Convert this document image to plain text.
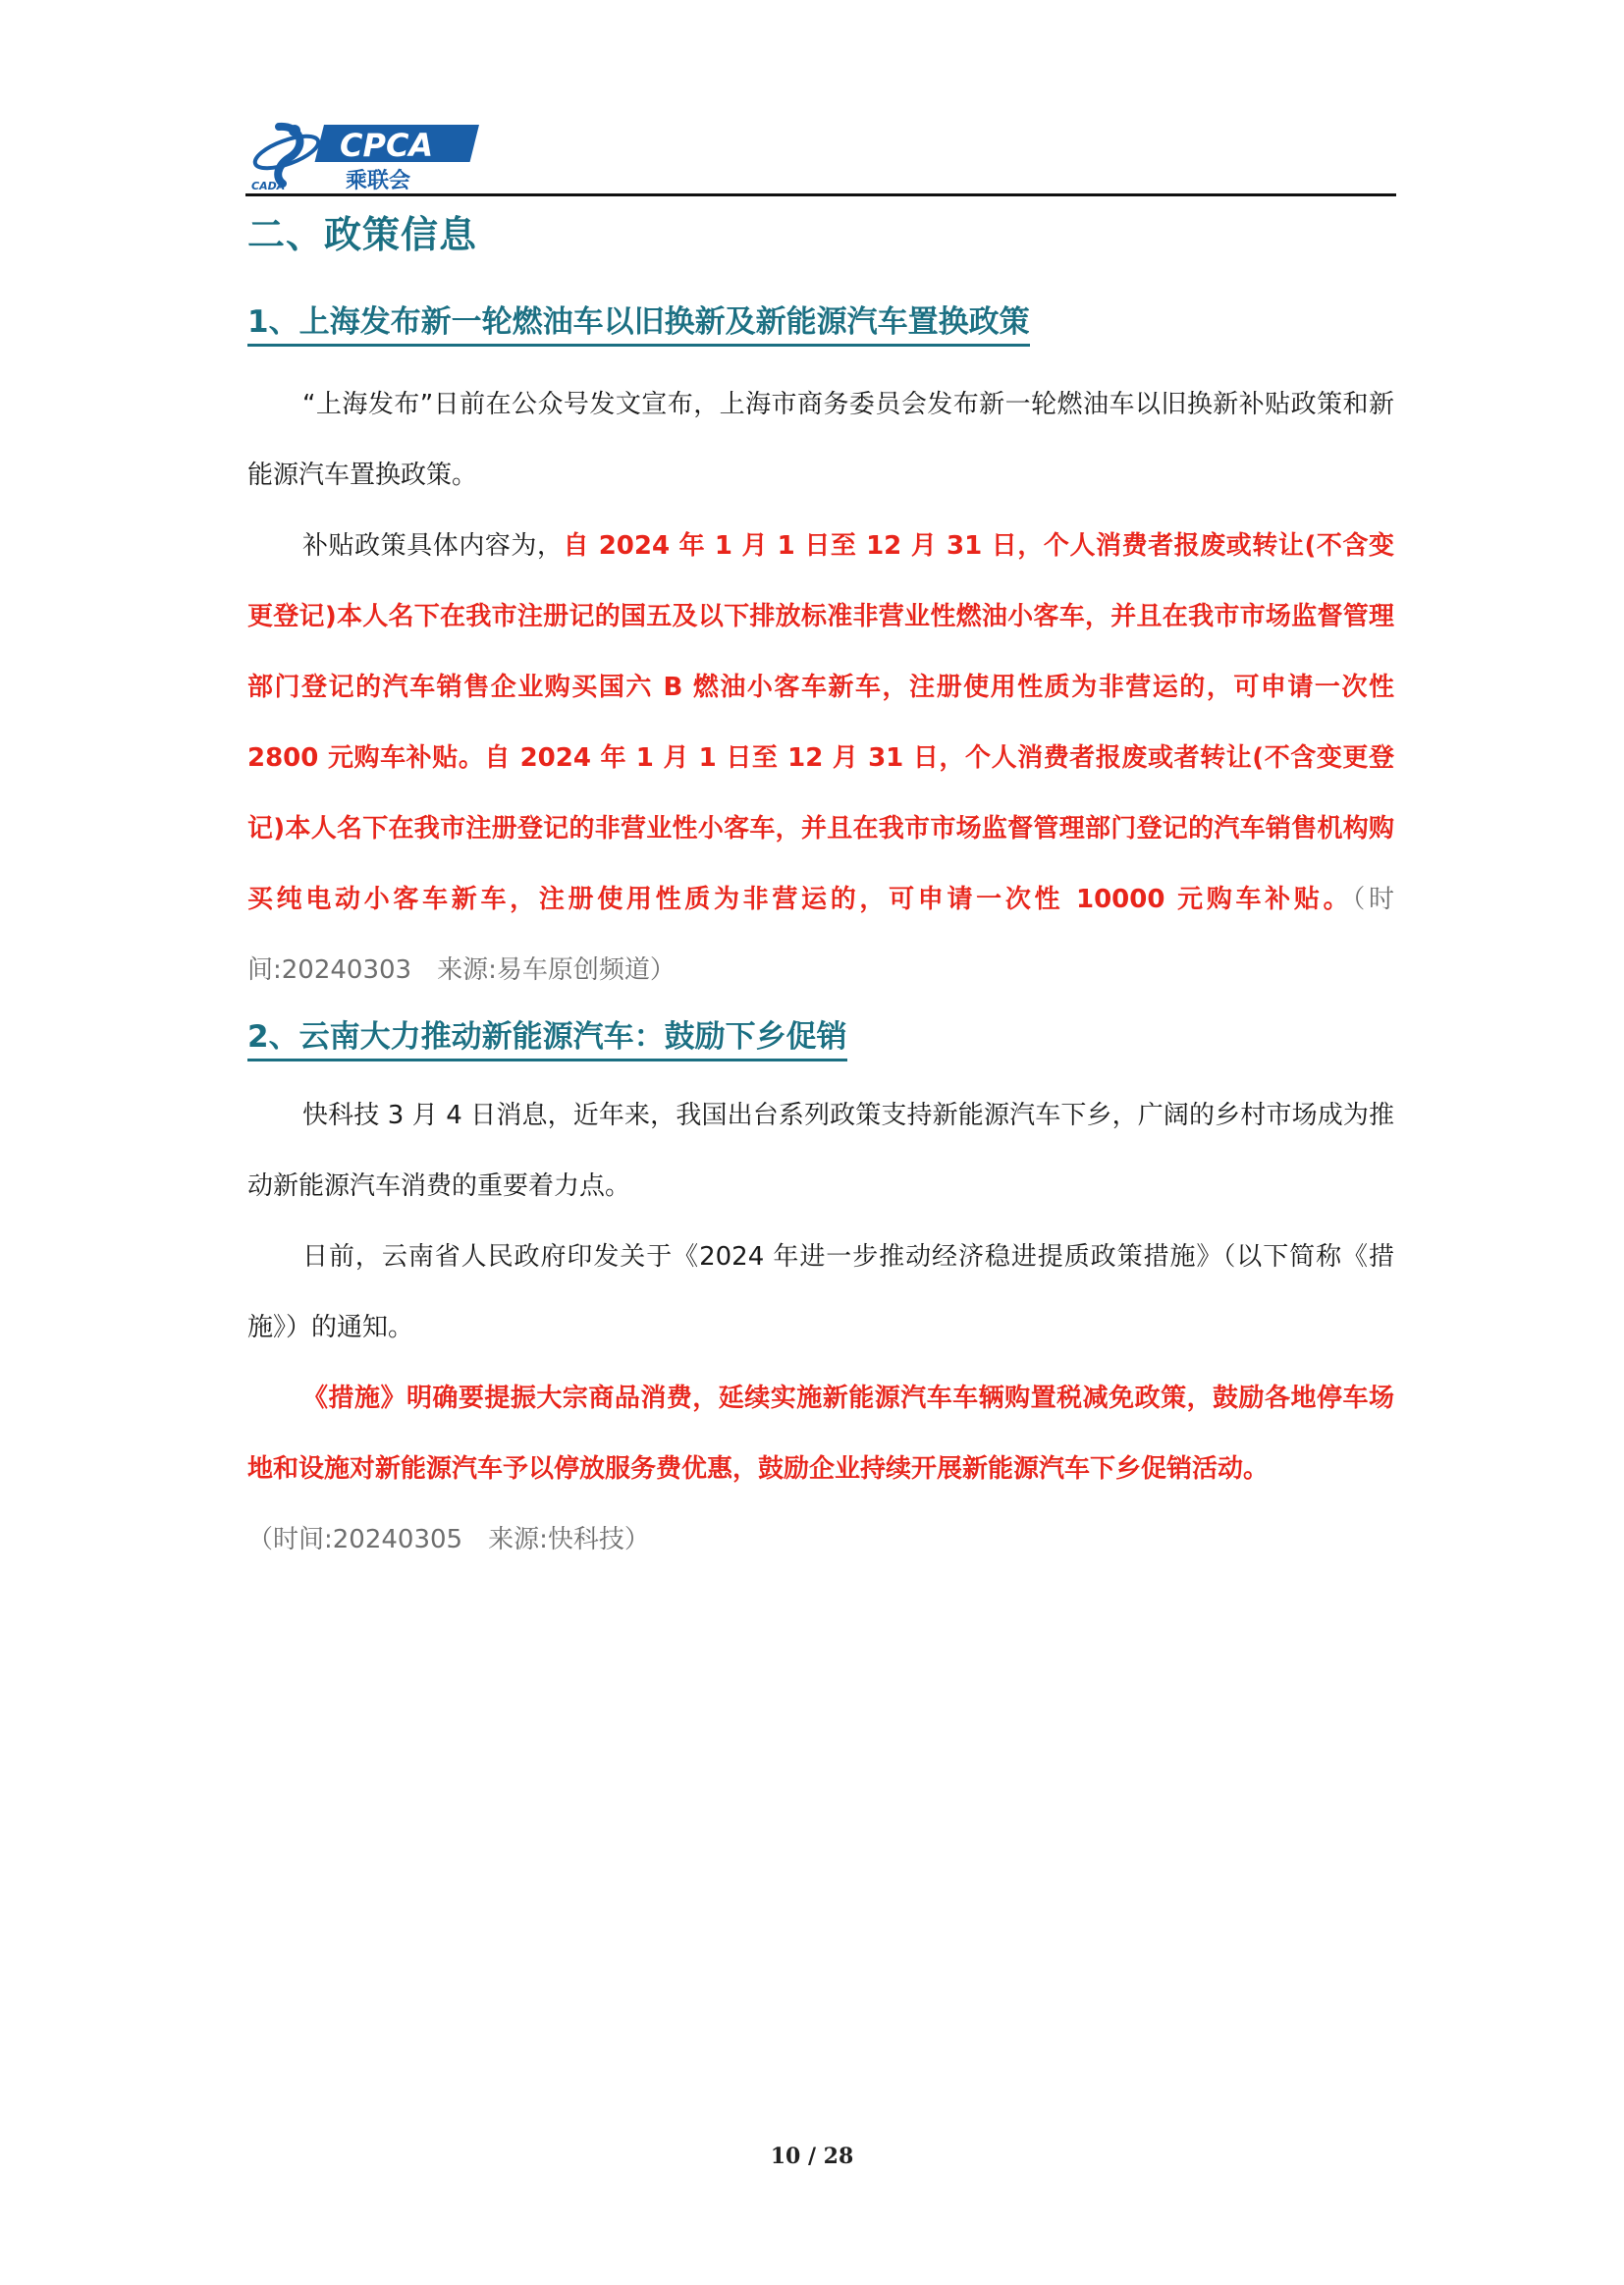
CADA
CPCA
乘联会
二、政策信息
1、上海发布新一轮燃油车以旧换新及新能源汽车置换政策

“上海发布”日前在公众号发文宣布，上海市商务委员会发布新一轮燃油车以旧换新补贴政策和新能源汽车置换政策。

补贴政策具体内容为，自 2024 年 1 月 1 日至 12 月 31 日，个人消费者报废或转让(不含变更登记)本人名下在我市注册记的国五及以下排放标准非营业性燃油小客车，并且在我市市场监督管理部门登记的汽车销售企业购买国六 B 燃油小客车新车，注册使用性质为非营运的，可申请一次性 2800 元购车补贴。自 2024 年 1 月 1 日至 12 月 31 日，个人消费者报废或者转让(不含变更登记)本人名下在我市注册登记的非营业性小客车，并且在我市市场监督管理部门登记的汽车销售机构购买纯电动小客车新车，注册使用性质为非营运的，可申请一次性 10000 元购车补贴。（时间:20240303　来源:易车原创频道）

2、云南大力推动新能源汽车：鼓励下乡促销

快科技 3 月 4 日消息，近年来，我国出台系列政策支持新能源汽车下乡，广阔的乡村市场成为推动新能源汽车消费的重要着力点。

日前，云南省人民政府印发关于《2024 年进一步推动经济稳进提质政策措施》（以下简称《措施》）的通知。

《措施》明确要提振大宗商品消费，延续实施新能源汽车车辆购置税减免政策，鼓励各地停车场地和设施对新能源汽车予以停放服务费优惠，鼓励企业持续开展新能源汽车下乡促销活动。

（时间:20240305　来源:快科技）
10 / 28
